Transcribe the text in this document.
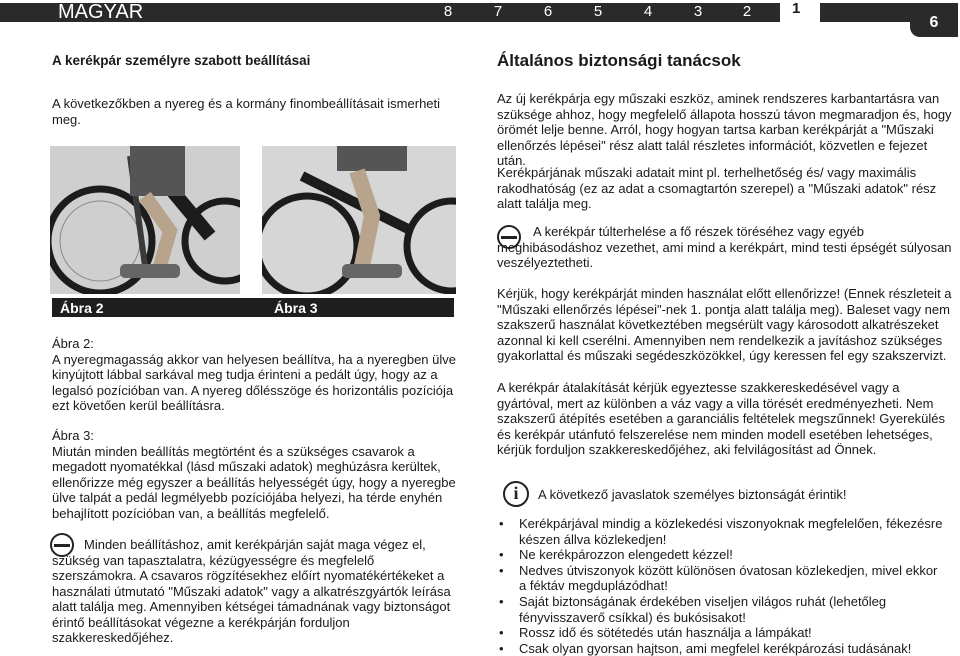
MAGYAR	8	7	6	5	4	3	2	1
6
A kerékpár személyre szabott beállításai
A következőkben a nyereg és a kormány finombeállításait ismerheti meg.
Ábra 2	Ábra 3
Ábra 2:
A nyeregmagasság akkor van helyesen beállítva, ha a nyeregben ülve kinyújtott lábbal sarkával meg tudja érinteni a pedált úgy, hogy az a legalsó pozícióban van. A nyereg dőlésszöge és horizontális pozíciója ezt követően kerül beállításra.
Ábra 3:
Miután minden beállítás megtörtént és a szükséges csavarok a megadott nyomatékkal (lásd műszaki adatok) meghúzásra kerültek, ellenőrizze még egyszer a beállítás helyességét úgy, hogy a nyeregbe ülve talpát a pedál legmélyebb pozíciójába helyezi, ha térde enyhén behajlított pozícióban van, a beállítás megfelelő.
Minden beállításhoz, amit kerékpárján saját maga végez el, szükség van tapasztalatra, kézügyességre és megfelelő szerszámokra. A csavaros rögzítésekhez előírt nyomatékértékeket a használati útmutató "Műszaki adatok" vagy a alkatrészgyártók leírása alatt találja meg. Amennyiben kétségei támadnának vagy biztonságot érintő beállításokat végezne a kerékpárján forduljon szakkereskedőjéhez.
Általános biztonsági tanácsok
Az új kerékpárja egy műszaki eszköz, aminek rendszeres karbantartásra van szüksége ahhoz, hogy megfelelő állapota hosszú távon megmaradjon és, hogy örömét lelje benne. Arról, hogy hogyan tartsa karban kerékpárját a "Műszaki ellenőrzés lépései" rész alatt talál részletes információt, közvetlen e fejezet után.
Kerékpárjának műszaki adatait mint pl. terhelhetőség és/ vagy maximális rakodhatóság (ez az adat a csomagtartón szerepel) a "Műszaki adatok" rész alatt találja meg.
A kerékpár túlterhelése a fő részek töréséhez vagy egyéb meghibásodáshoz vezethet, ami mind a kerékpárt, mind testi épségét súlyosan veszélyeztetheti.
Kérjük, hogy kerékpárját minden használat előtt ellenőrizze! (Ennek részleteit a "Műszaki ellenőrzés lépései"-nek 1. pontja alatt találja meg). Baleset vagy nem szakszerű használat következtében megsérült vagy károsodott alkatrészeket azonnal ki kell cserélni. Amennyiben nem rendelkezik a javításhoz szükséges gyakorlattal és műszaki segédeszközökkel, úgy keressen fel egy szakszervizt.
A kerékpár átalakítását kérjük egyeztesse szakkereskedésével vagy a gyártóval, mert az különben a váz vagy a villa törését eredményezheti. Nem szakszerű átépítés esetében a garanciális feltételek megszűnnek! Gyerekülés és kerékpár utánfutó felszerelése nem minden modell esetében lehetséges, kérjük forduljon szakkereskedőjéhez, aki felvilágosítást ad Önnek.
i	A következő javaslatok személyes biztonságát érintik!
• Kerékpárjával mindig a közlekedési viszonyoknak megfelelően, fékezésre készen állva közlekedjen!
• Ne kerékpározzon elengedett kézzel!
• Nedves útviszonyok között különösen óvatosan közlekedjen, mivel ekkor a féktáv megduplázódhat!
• Saját biztonságának érdekében viseljen világos ruhát (lehetőleg fényvisszaverő csíkkal) és bukósisakot!
• Rossz idő és sötétedés után használja a lámpákat!
• Csak olyan gyorsan hajtson, ami megfelel kerékpározási tudásának!
